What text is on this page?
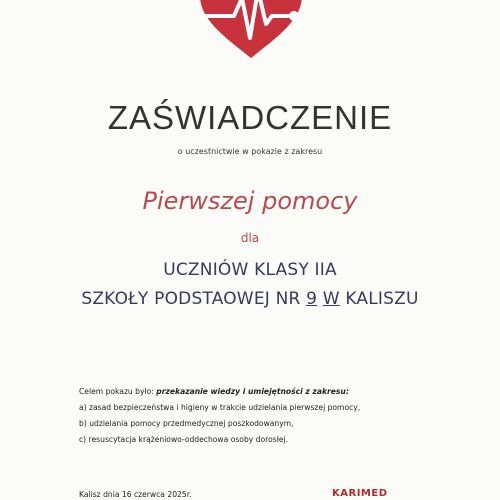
ZAŚWIADCZENIE
o uczestnictwie w pokazie z zakresu
Pierwszej pomocy
dla
UCZNIÓW KLASY IIA
SZKOŁY PODSTAOWEJ NR 9 W KALISZU
Celem pokazu było: przekazanie wiedzy i umiejętności z zakresu:
a) zasad bezpieczeństwa i higieny w trakcie udzielania pierwszej pomocy,
b) udzielania pomocy przedmedycznej poszkodowanym,
c) resuscytacja krążeniowo-oddechowa osoby dorosłej.
Kalisz dnia 16 czerwca 2025r.	KARIMED
